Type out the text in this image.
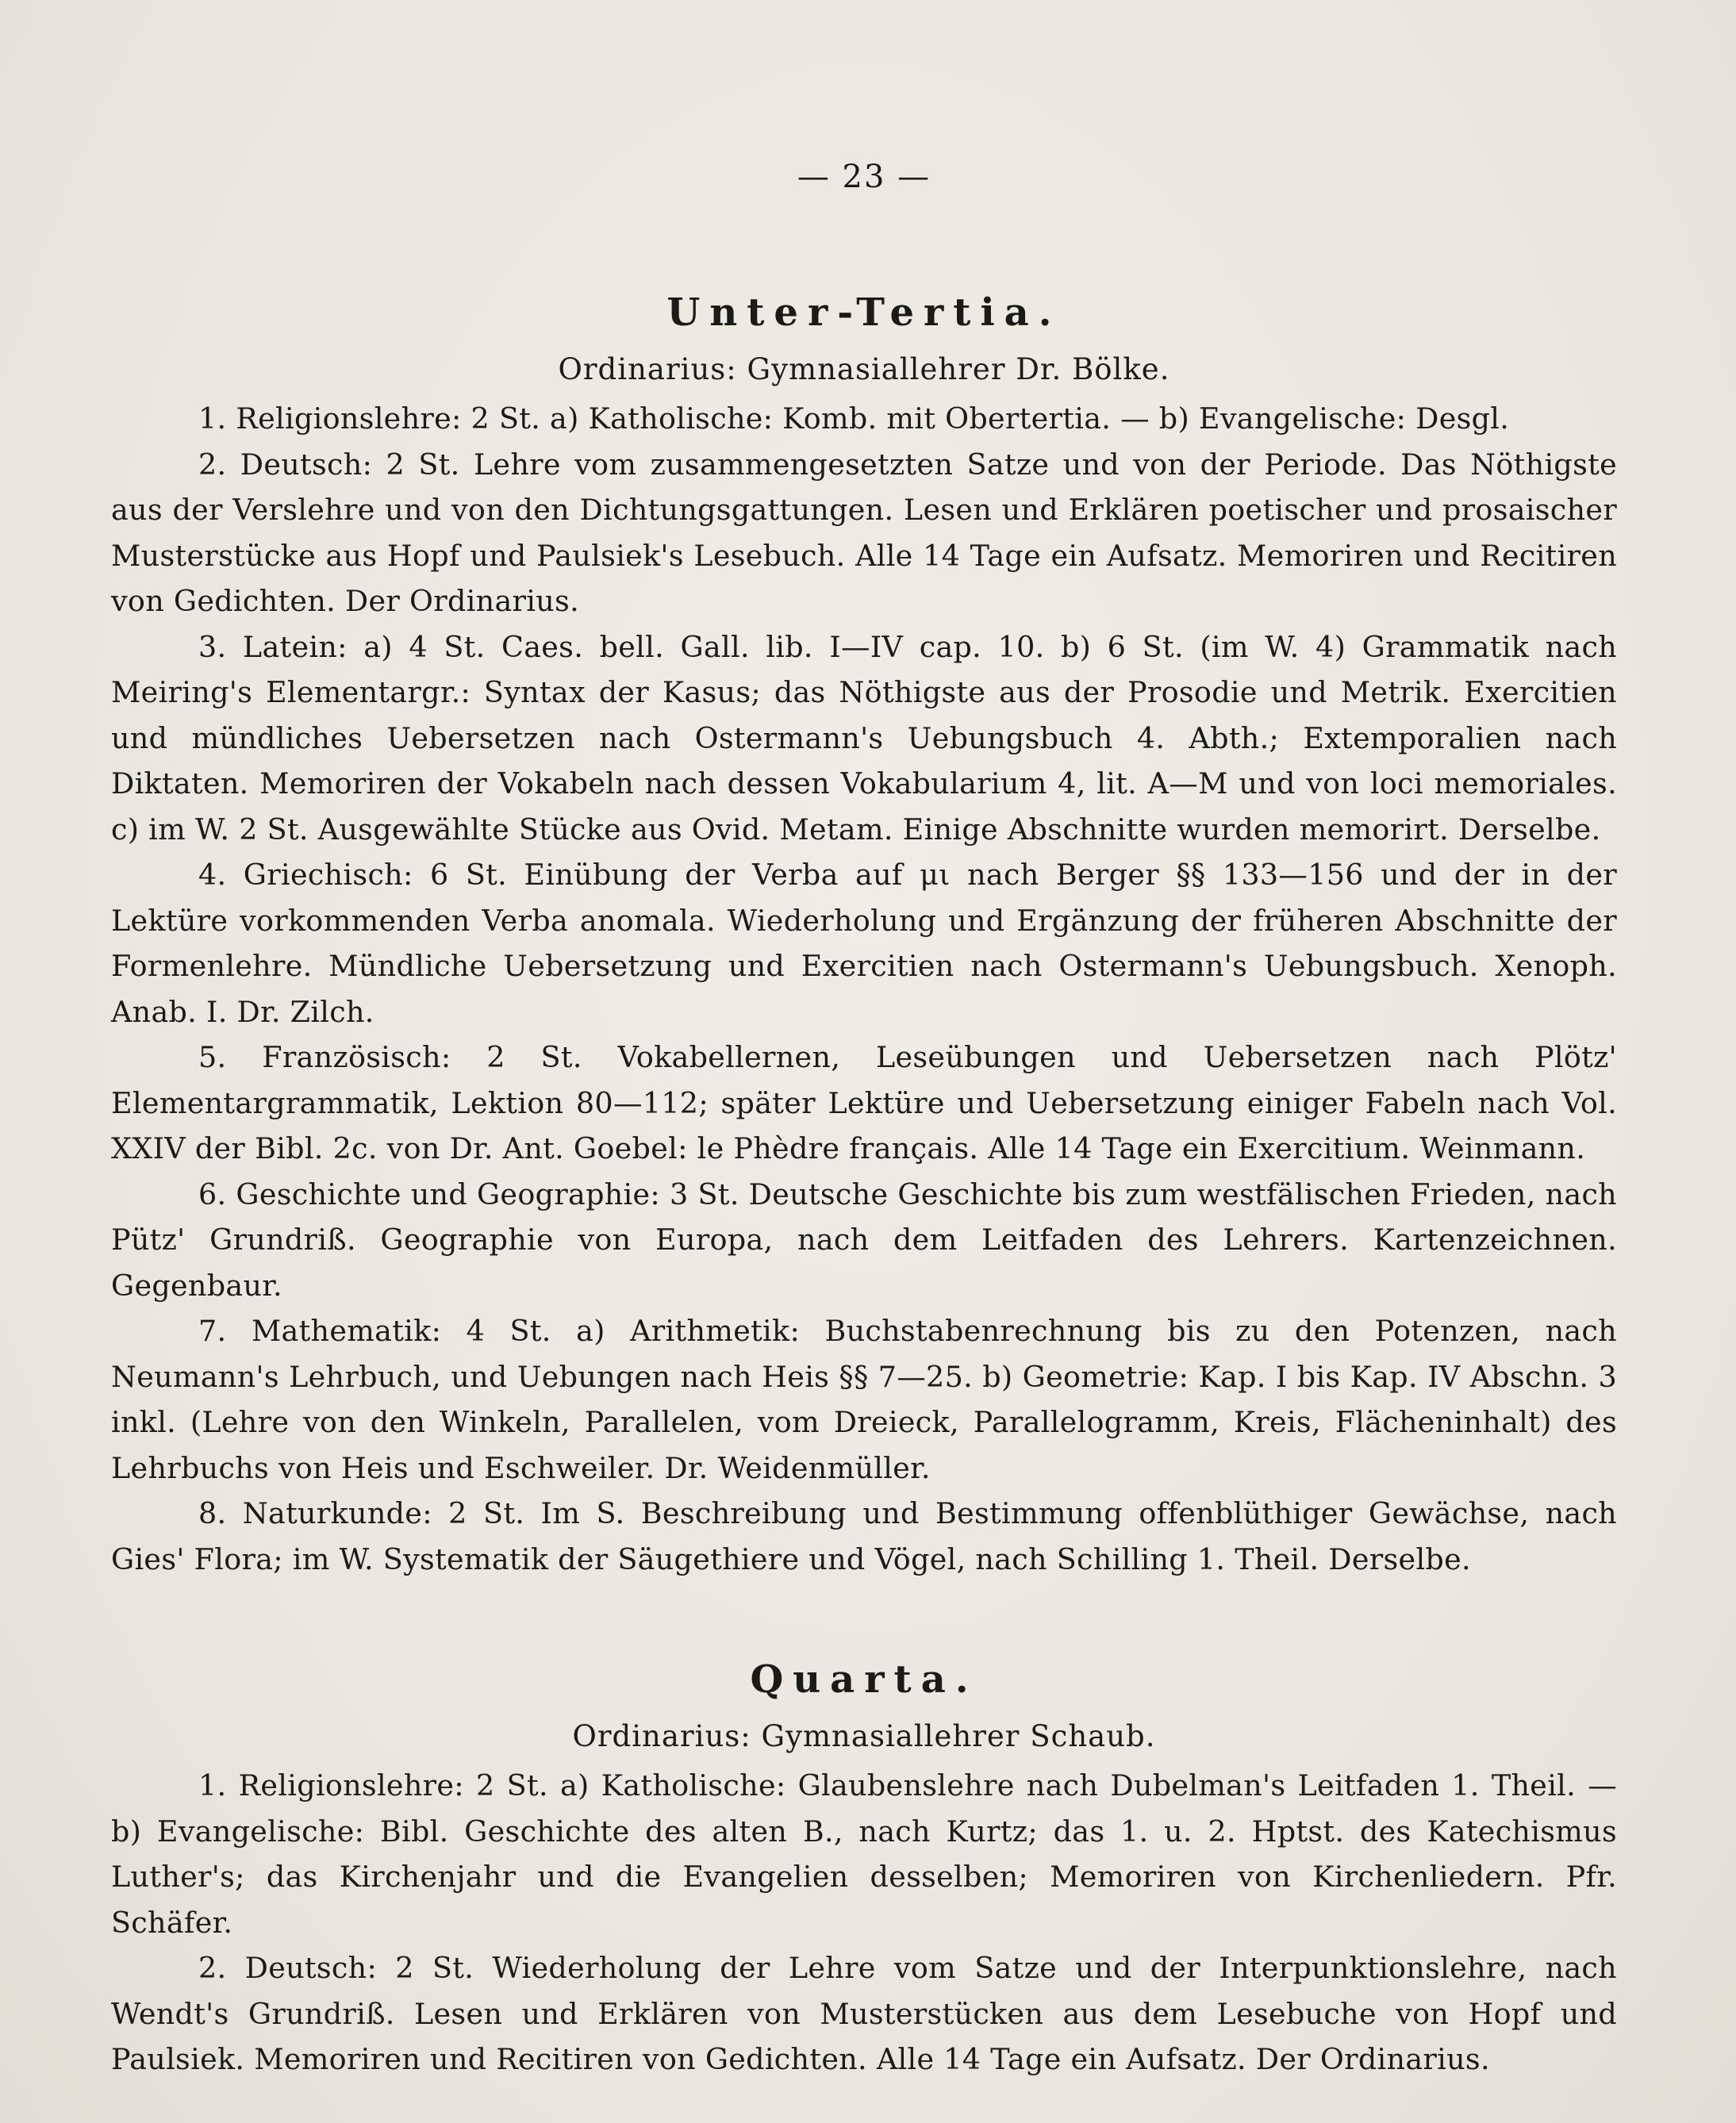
— 23 —
Unter-Tertia.
Ordinarius: Gymnasiallehrer Dr. Bölke.

1. Religionslehre: 2 St. a) Katholische: Komb. mit Obertertia. — b) Evangelische: Desgl.

2. Deutsch: 2 St. Lehre vom zusammengesetzten Satze und von der Periode. Das Nöthigste aus der Verslehre und von den Dichtungsgattungen. Lesen und Erklären poetischer und prosaischer Musterstücke aus Hopf und Paulsiek's Lesebuch. Alle 14 Tage ein Aufsatz. Memoriren und Recitiren von Gedichten. Der Ordinarius.

3. Latein: a) 4 St. Caes. bell. Gall. lib. I—IV cap. 10. b) 6 St. (im W. 4) Grammatik nach Meiring's Elementargr.: Syntax der Kasus; das Nöthigste aus der Prosodie und Metrik. Exercitien und mündliches Uebersetzen nach Ostermann's Uebungsbuch 4. Abth.; Extemporalien nach Diktaten. Memoriren der Vokabeln nach dessen Vokabularium 4, lit. A—M und von loci memoriales. c) im W. 2 St. Ausgewählte Stücke aus Ovid. Metam. Einige Abschnitte wurden memorirt. Derselbe.

4. Griechisch: 6 St. Einübung der Verba auf μι nach Berger §§ 133—156 und der in der Lektüre vorkommenden Verba anomala. Wiederholung und Ergänzung der früheren Abschnitte der Formenlehre. Mündliche Uebersetzung und Exercitien nach Ostermann's Uebungsbuch. Xenoph. Anab. I. Dr. Zilch.

5. Französisch: 2 St. Vokabellernen, Leseübungen und Uebersetzen nach Plötz' Elementargrammatik, Lektion 80—112; später Lektüre und Uebersetzung einiger Fabeln nach Vol. XXIV der Bibl. 2c. von Dr. Ant. Goebel: le Phèdre français. Alle 14 Tage ein Exercitium. Weinmann.

6. Geschichte und Geographie: 3 St. Deutsche Geschichte bis zum westfälischen Frieden, nach Pütz' Grundriß. Geographie von Europa, nach dem Leitfaden des Lehrers. Kartenzeichnen. Gegenbaur.

7. Mathematik: 4 St. a) Arithmetik: Buchstabenrechnung bis zu den Potenzen, nach Neumann's Lehrbuch, und Uebungen nach Heis §§ 7—25. b) Geometrie: Kap. I bis Kap. IV Abschn. 3 inkl. (Lehre von den Winkeln, Parallelen, vom Dreieck, Parallelogramm, Kreis, Flächeninhalt) des Lehrbuchs von Heis und Eschweiler. Dr. Weidenmüller.

8. Naturkunde: 2 St. Im S. Beschreibung und Bestimmung offenblüthiger Gewächse, nach Gies' Flora; im W. Systematik der Säugethiere und Vögel, nach Schilling 1. Theil. Derselbe.

Quarta.
Ordinarius: Gymnasiallehrer Schaub.

1. Religionslehre: 2 St. a) Katholische: Glaubenslehre nach Dubelman's Leitfaden 1. Theil. — b) Evangelische: Bibl. Geschichte des alten B., nach Kurtz; das 1. u. 2. Hptst. des Katechismus Luther's; das Kirchenjahr und die Evangelien desselben; Memoriren von Kirchenliedern. Pfr. Schäfer.

2. Deutsch: 2 St. Wiederholung der Lehre vom Satze und der Interpunktionslehre, nach Wendt's Grundriß. Lesen und Erklären von Musterstücken aus dem Lesebuche von Hopf und Paulsiek. Memoriren und Recitiren von Gedichten. Alle 14 Tage ein Aufsatz. Der Ordinarius.
